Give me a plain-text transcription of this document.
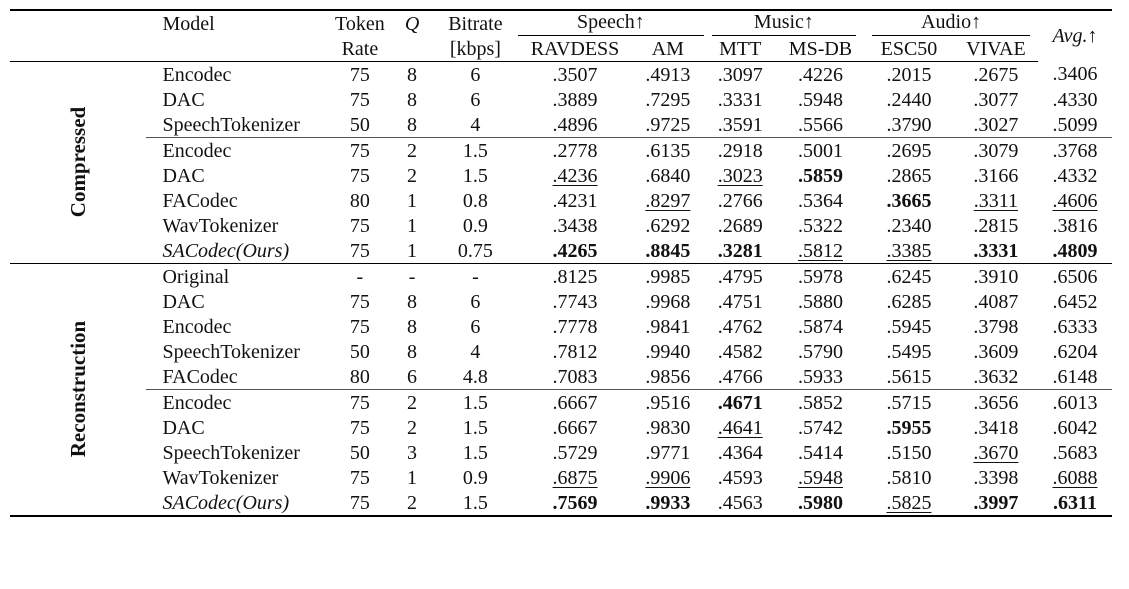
	Model	Token	Q	Bitrate	Speech↑		Music↑		Audio↑		Avg.↑
		Rate		[kbps]	RAVDESS	AM	MTT	MS-DB	ESC50	VIVAE	
Compressed	Encodec	75	8	6	.3507	.4913	.3097	.4226	.2015	.2675	.3406
	DAC	75	8	6	.3889	.7295	.3331	.5948	.2440	.3077	.4330
	SpeechTokenizer	50	8	4	.4896	.9725	.3591	.5566	.3790	.3027	.5099
	Encodec	75	2	1.5	.2778	.6135	.2918	.5001	.2695	.3079	.3768
	DAC	75	2	1.5	.4236	.6840	.3023	.5859	.2865	.3166	.4332
	FACodec	80	1	0.8	.4231	.8297	.2766	.5364	.3665	.3311	.4606
	WavTokenizer	75	1	0.9	.3438	.6292	.2689	.5322	.2340	.2815	.3816
	SACodec(Ours)	75	1	0.75	.4265	.8845	.3281	.5812	.3385	.3331	.4809
Reconstruction	Original	-	-	-	.8125	.9985	.4795	.5978	.6245	.3910	.6506
	DAC	75	8	6	.7743	.9968	.4751	.5880	.6285	.4087	.6452
	Encodec	75	8	6	.7778	.9841	.4762	.5874	.5945	.3798	.6333
	SpeechTokenizer	50	8	4	.7812	.9940	.4582	.5790	.5495	.3609	.6204
	FACodec	80	6	4.8	.7083	.9856	.4766	.5933	.5615	.3632	.6148
	Encodec	75	2	1.5	.6667	.9516	.4671	.5852	.5715	.3656	.6013
	DAC	75	2	1.5	.6667	.9830	.4641	.5742	.5955	.3418	.6042
	SpeechTokenizer	50	3	1.5	.5729	.9771	.4364	.5414	.5150	.3670	.5683
	WavTokenizer	75	1	0.9	.6875	.9906	.4593	.5948	.5810	.3398	.6088
	SACodec(Ours)	75	2	1.5	.7569	.9933	.4563	.5980	.5825	.3997	.6311
